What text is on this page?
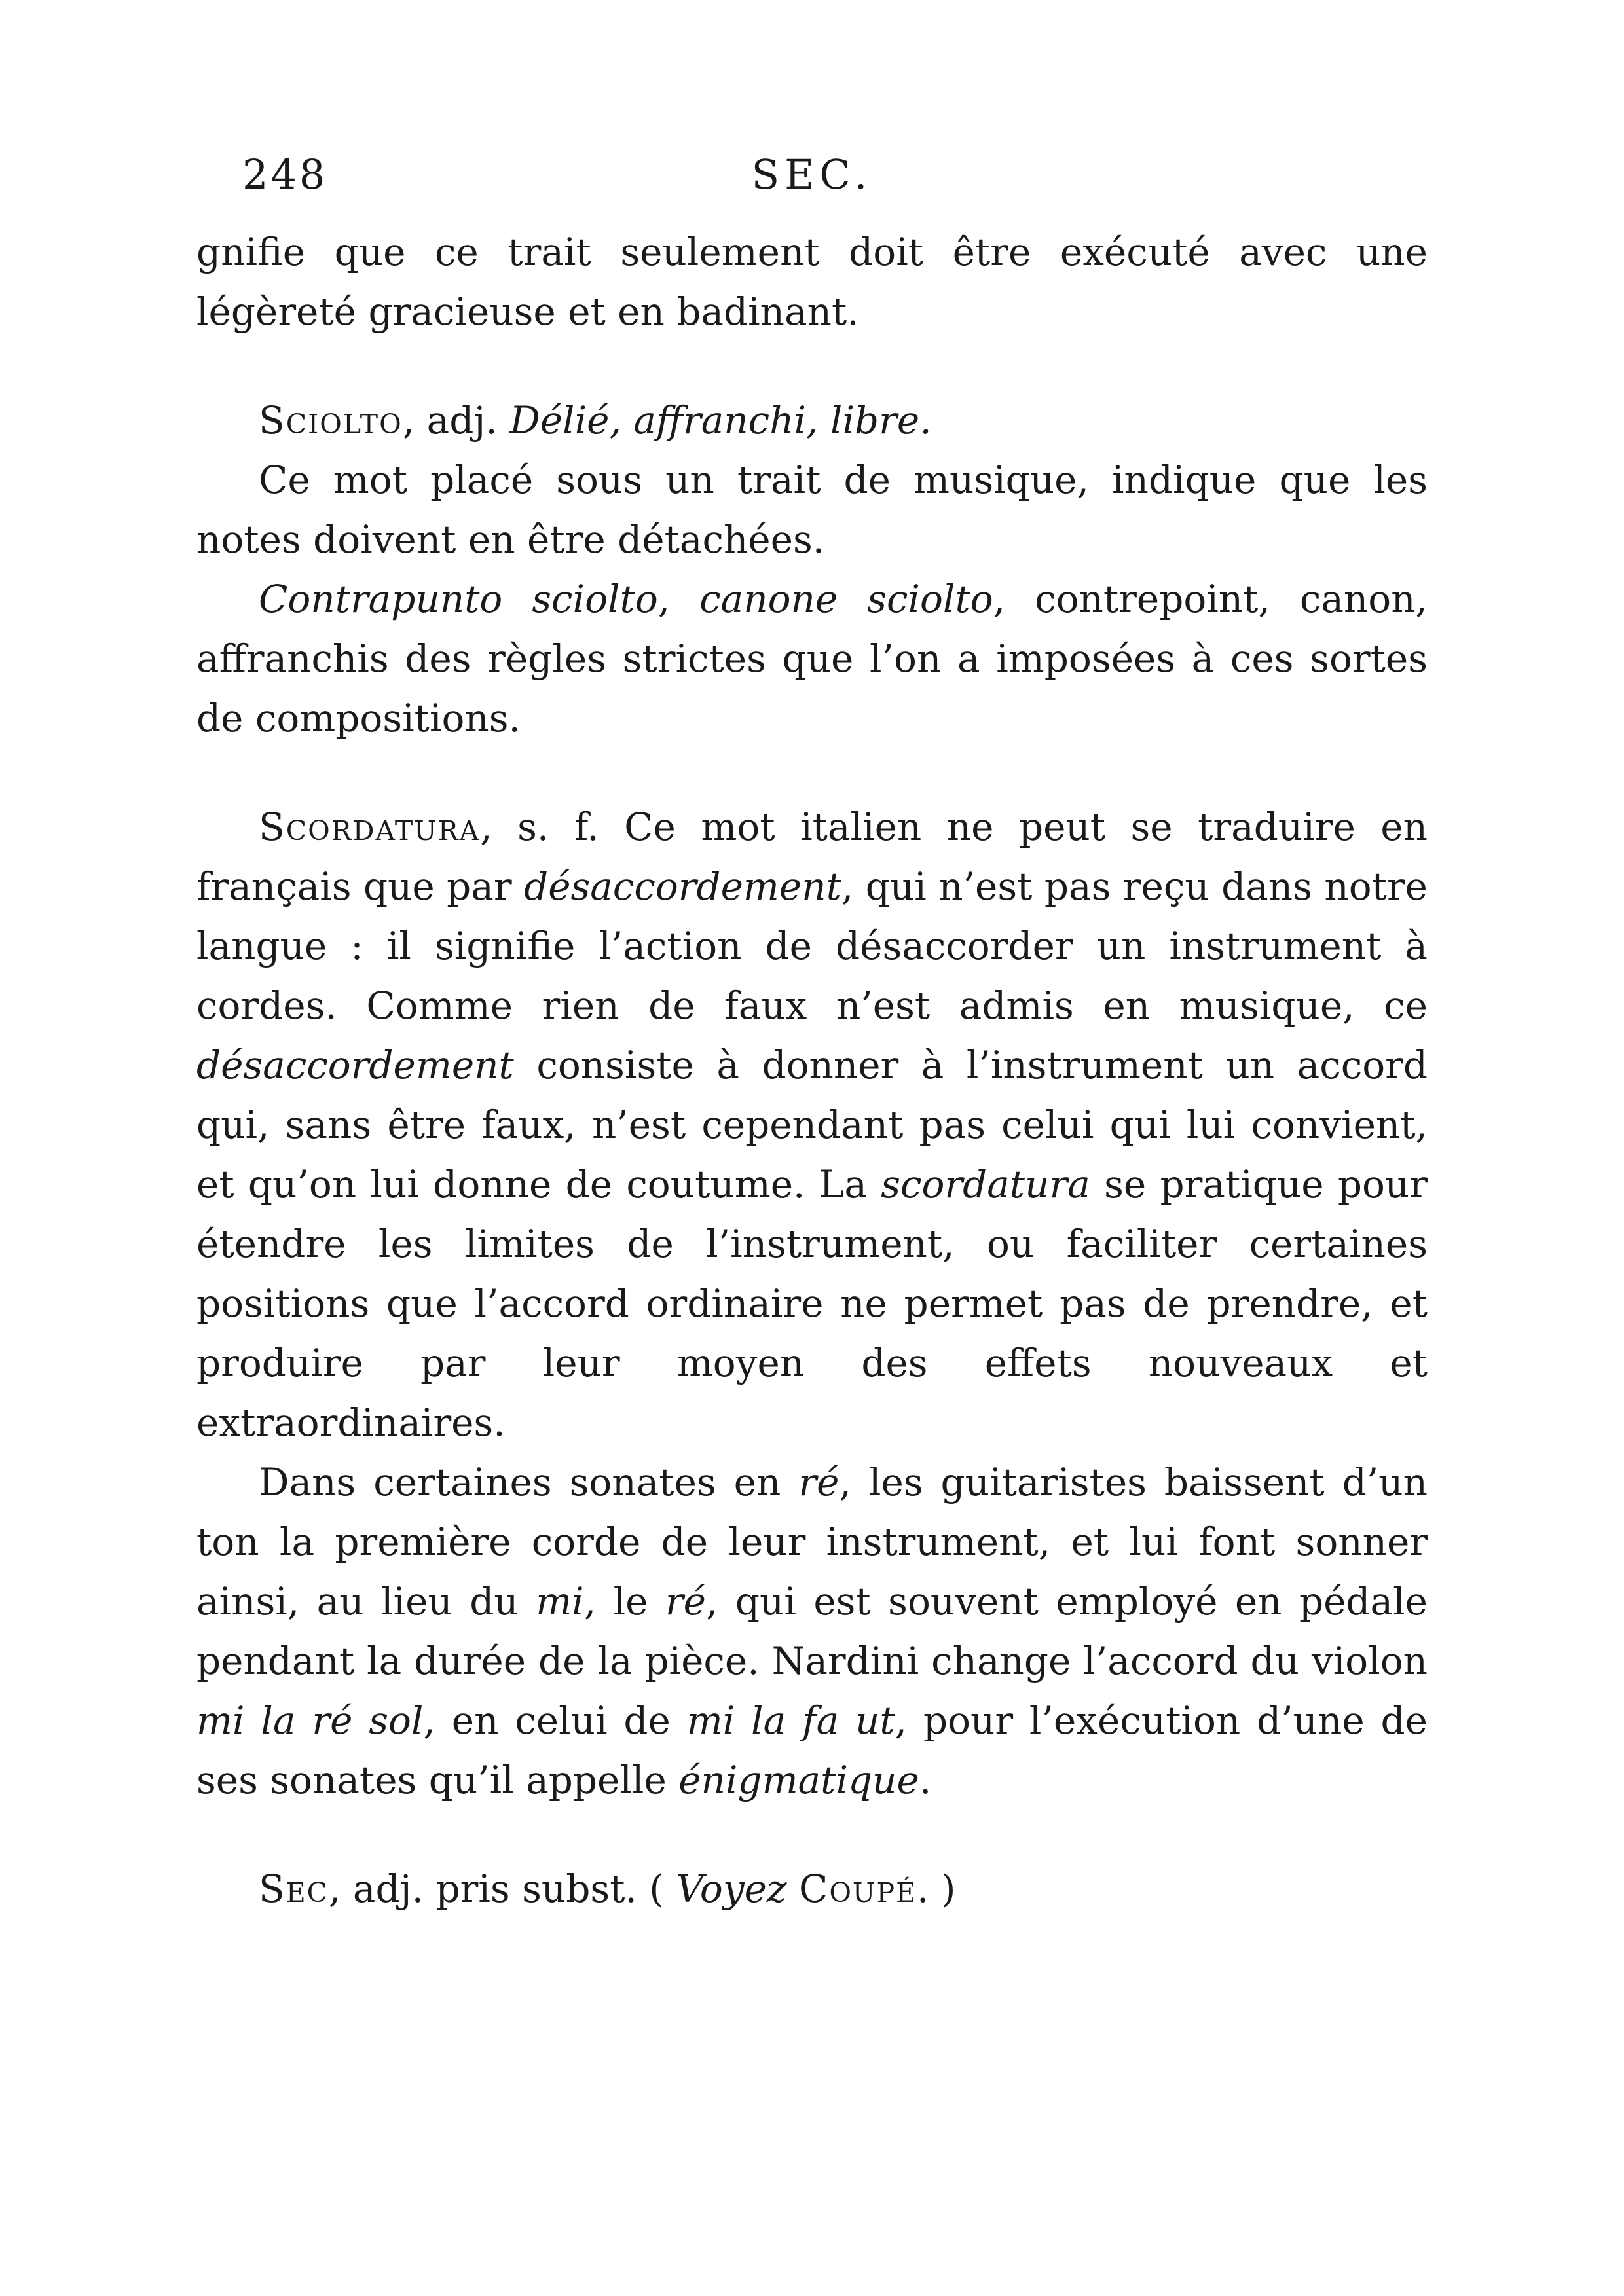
248	SEC.

gnifie que ce trait seulement doit être exécuté avec une légèreté gracieuse et en badinant.

Sciolto, adj. Délié, affranchi, libre.

Ce mot placé sous un trait de musique, indique que les notes doivent en être détachées.

Contrapunto sciolto, canone sciolto, contrepoint, canon, affranchis des règles strictes que l’on a imposées à ces sortes de compositions.

Scordatura, s. f. Ce mot italien ne peut se traduire en français que par désaccordement, qui n’est pas reçu dans notre langue : il signifie l’action de désaccorder un instrument à cordes. Comme rien de faux n’est admis en musique, ce désaccordement consiste à donner à l’instrument un accord qui, sans être faux, n’est cependant pas celui qui lui convient, et qu’on lui donne de coutume. La scordatura se pratique pour étendre les limites de l’instrument, ou faciliter certaines positions que l’accord ordinaire ne permet pas de prendre, et produire par leur moyen des effets nouveaux et extraordinaires.

Dans certaines sonates en ré, les guitaristes baissent d’un ton la première corde de leur instrument, et lui font sonner ainsi, au lieu du mi, le ré, qui est souvent employé en pédale pendant la durée de la pièce. Nardini change l’accord du violon mi la ré sol, en celui de mi la fa ut, pour l’exécution d’une de ses sonates qu’il appelle énigmatique.

Sec, adj. pris subst. ( Voyez Coupé. )
